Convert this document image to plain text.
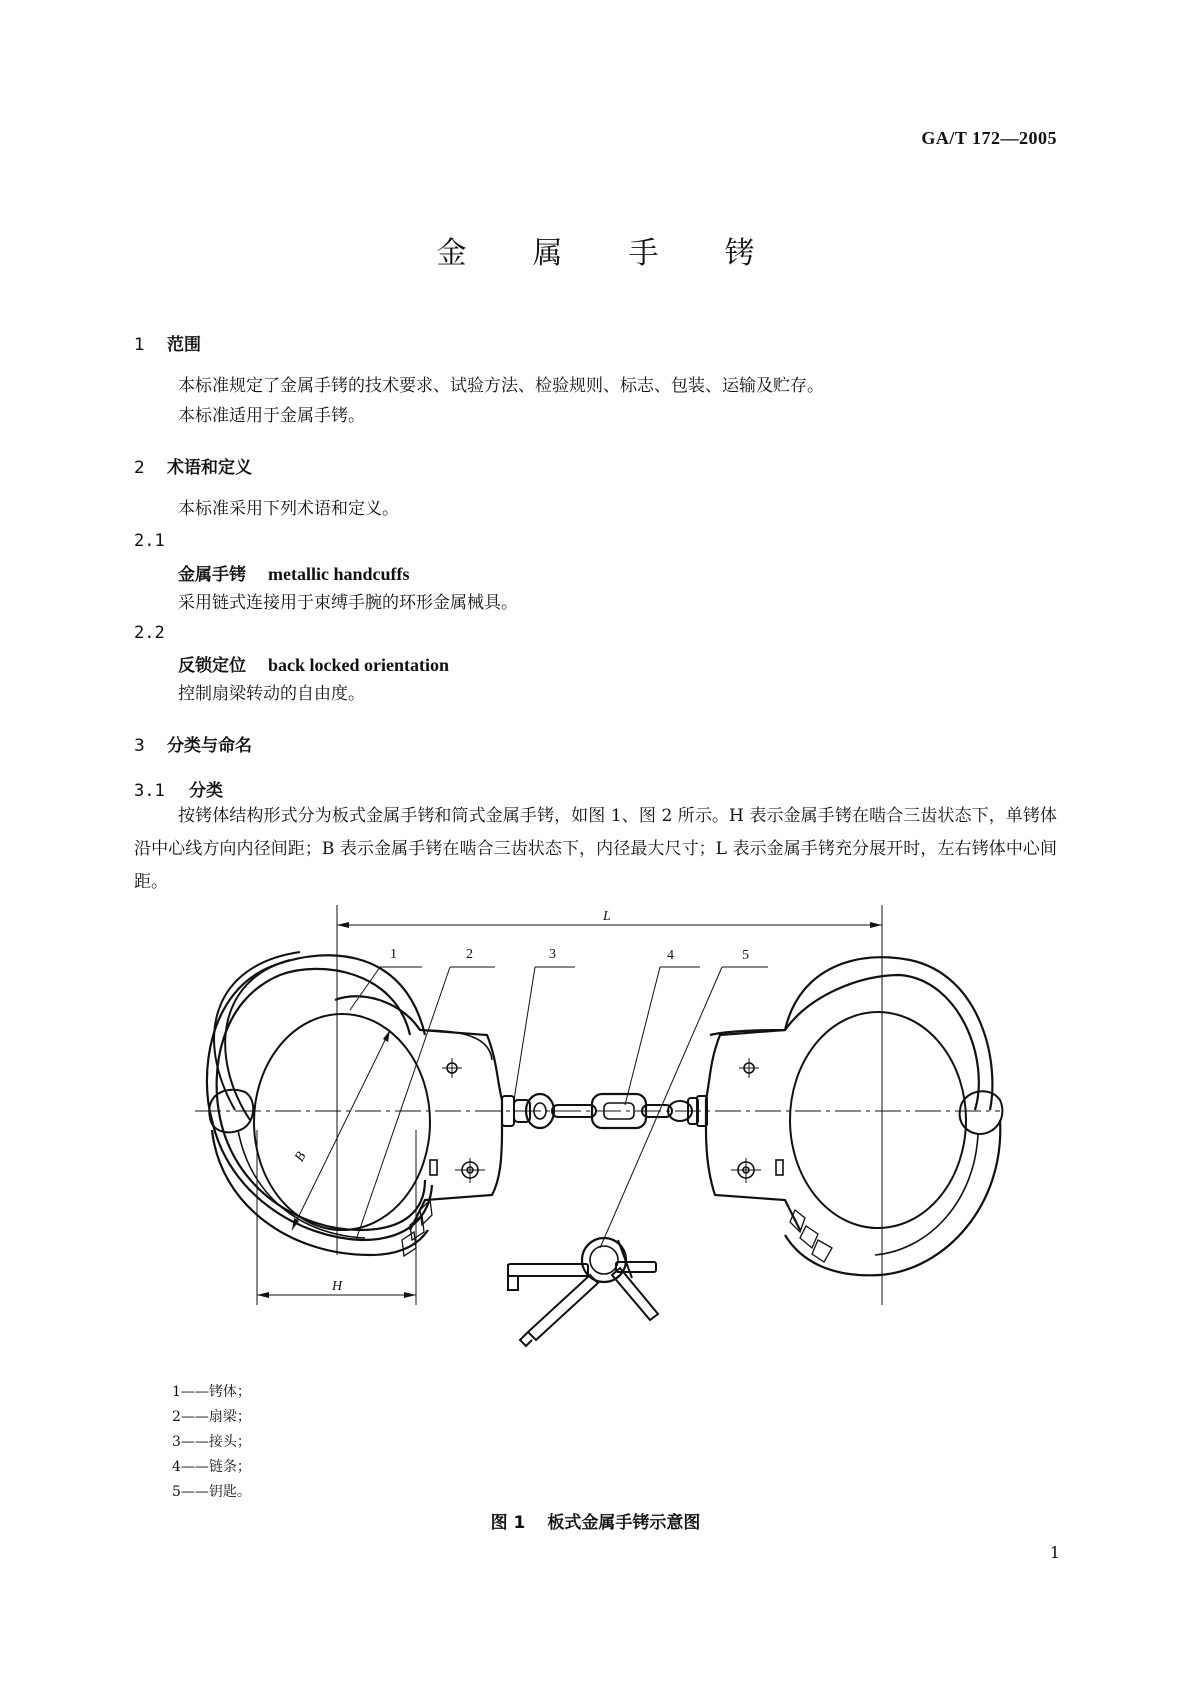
GA/T 172—2005
金 属 手 铐
1 范围
本标准规定了金属手铐的技术要求、试验方法、检验规则、标志、包装、运输及贮存。
本标准适用于金属手铐。
2 术语和定义
本标准采用下列术语和定义。
2.1
金属手铐 metallic handcuffs
采用链式连接用于束缚手腕的环形金属械具。
2.2
反锁定位 back locked orientation
控制扇梁转动的自由度。
3 分类与命名
3.1 分类
按铐体结构形式分为板式金属手铐和筒式金属手铐，如图 1、图 2 所示。H 表示金属手铐在啮合三齿状态下，单铐体沿中心线方向内径间距；B 表示金属手铐在啮合三齿状态下，内径最大尺寸；L 表示金属手铐充分展开时，左右铐体中心间距。
L
B
H
1	2	3	4	5
1——铐体；
2——扇梁；
3——接头；
4——链条；
5——钥匙。
图 1 板式金属手铐示意图
1
